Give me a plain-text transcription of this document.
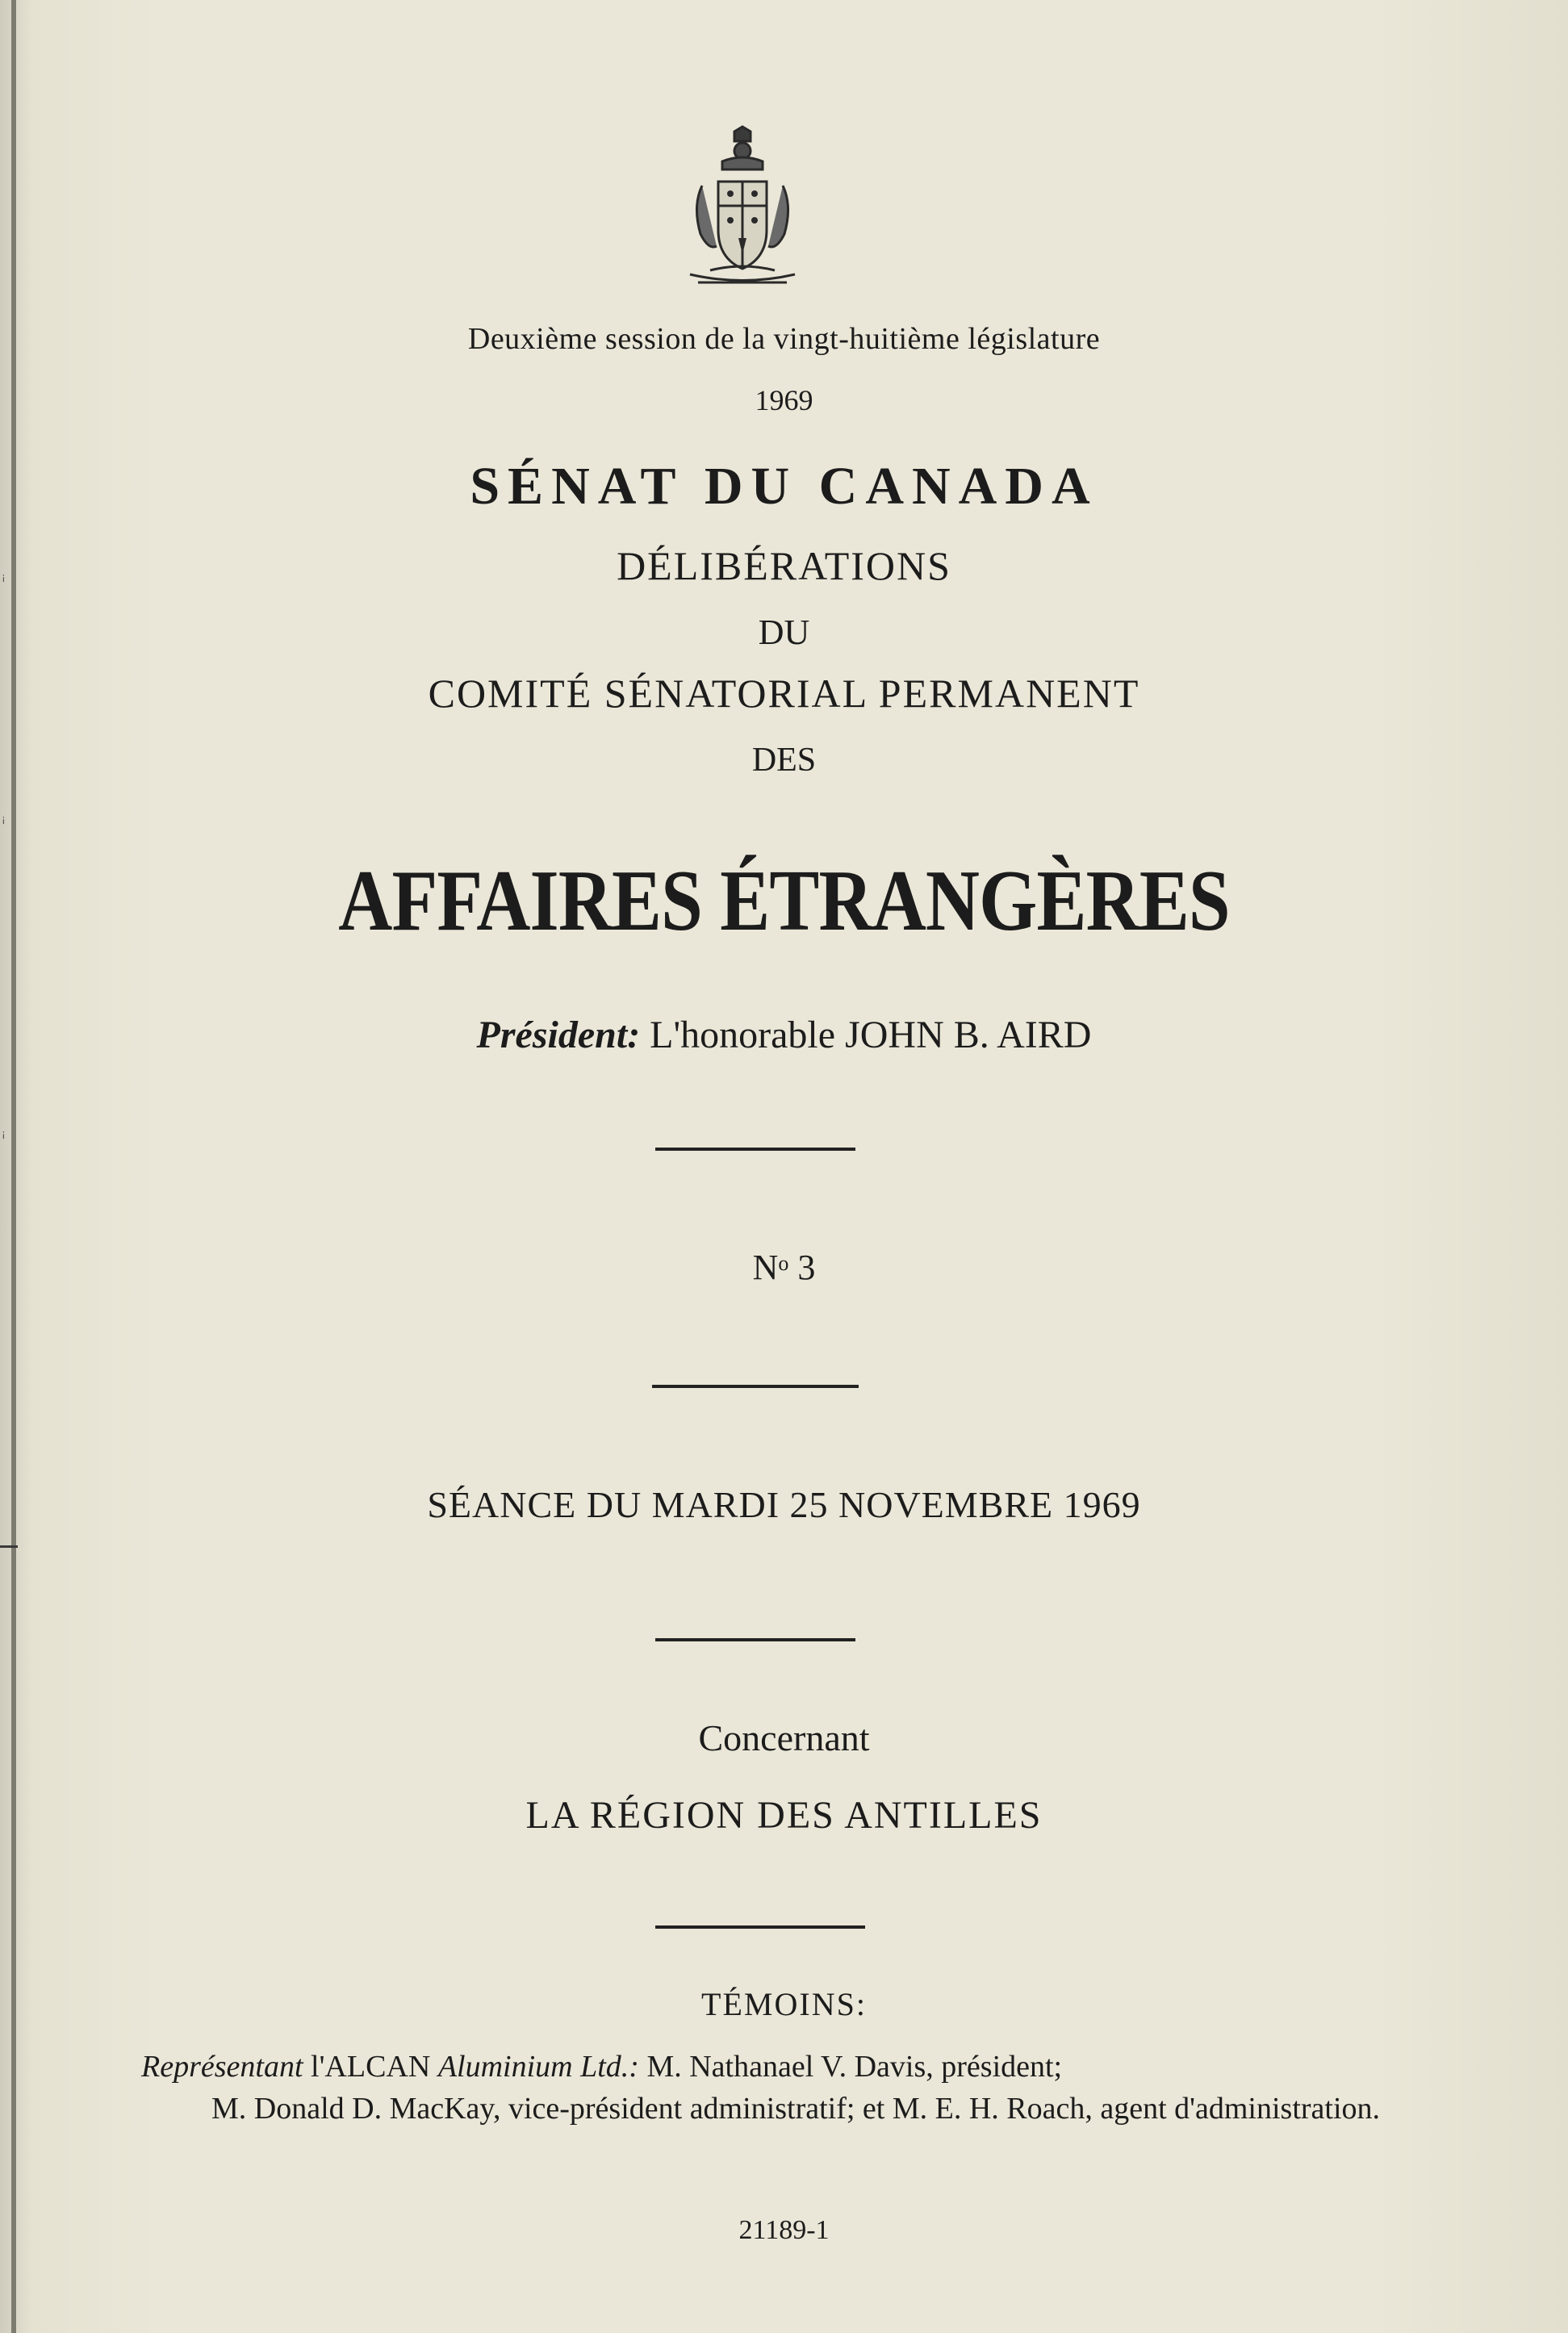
¡
¡
¡
Deuxième session de la vingt-huitième législature
1969
SÉNAT DU CANADA
DÉLIBÉRATIONS
DU
COMITÉ SÉNATORIAL PERMANENT
DES
AFFAIRES ÉTRANGÈRES
Président: L'honorable JOHN B. AIRD
$N^o$ 3
SÉANCE DU MARDI 25 NOVEMBRE 1969
Concernant
LA RÉGION DES ANTILLES
TÉMOINS:
Représentant l'ALCAN Aluminium Ltd.: M. Nathanael V. Davis, président;
M. Donald D. MacKay, vice-président administratif; et M. E. H. Roach, agent d'administration.
21189-1
